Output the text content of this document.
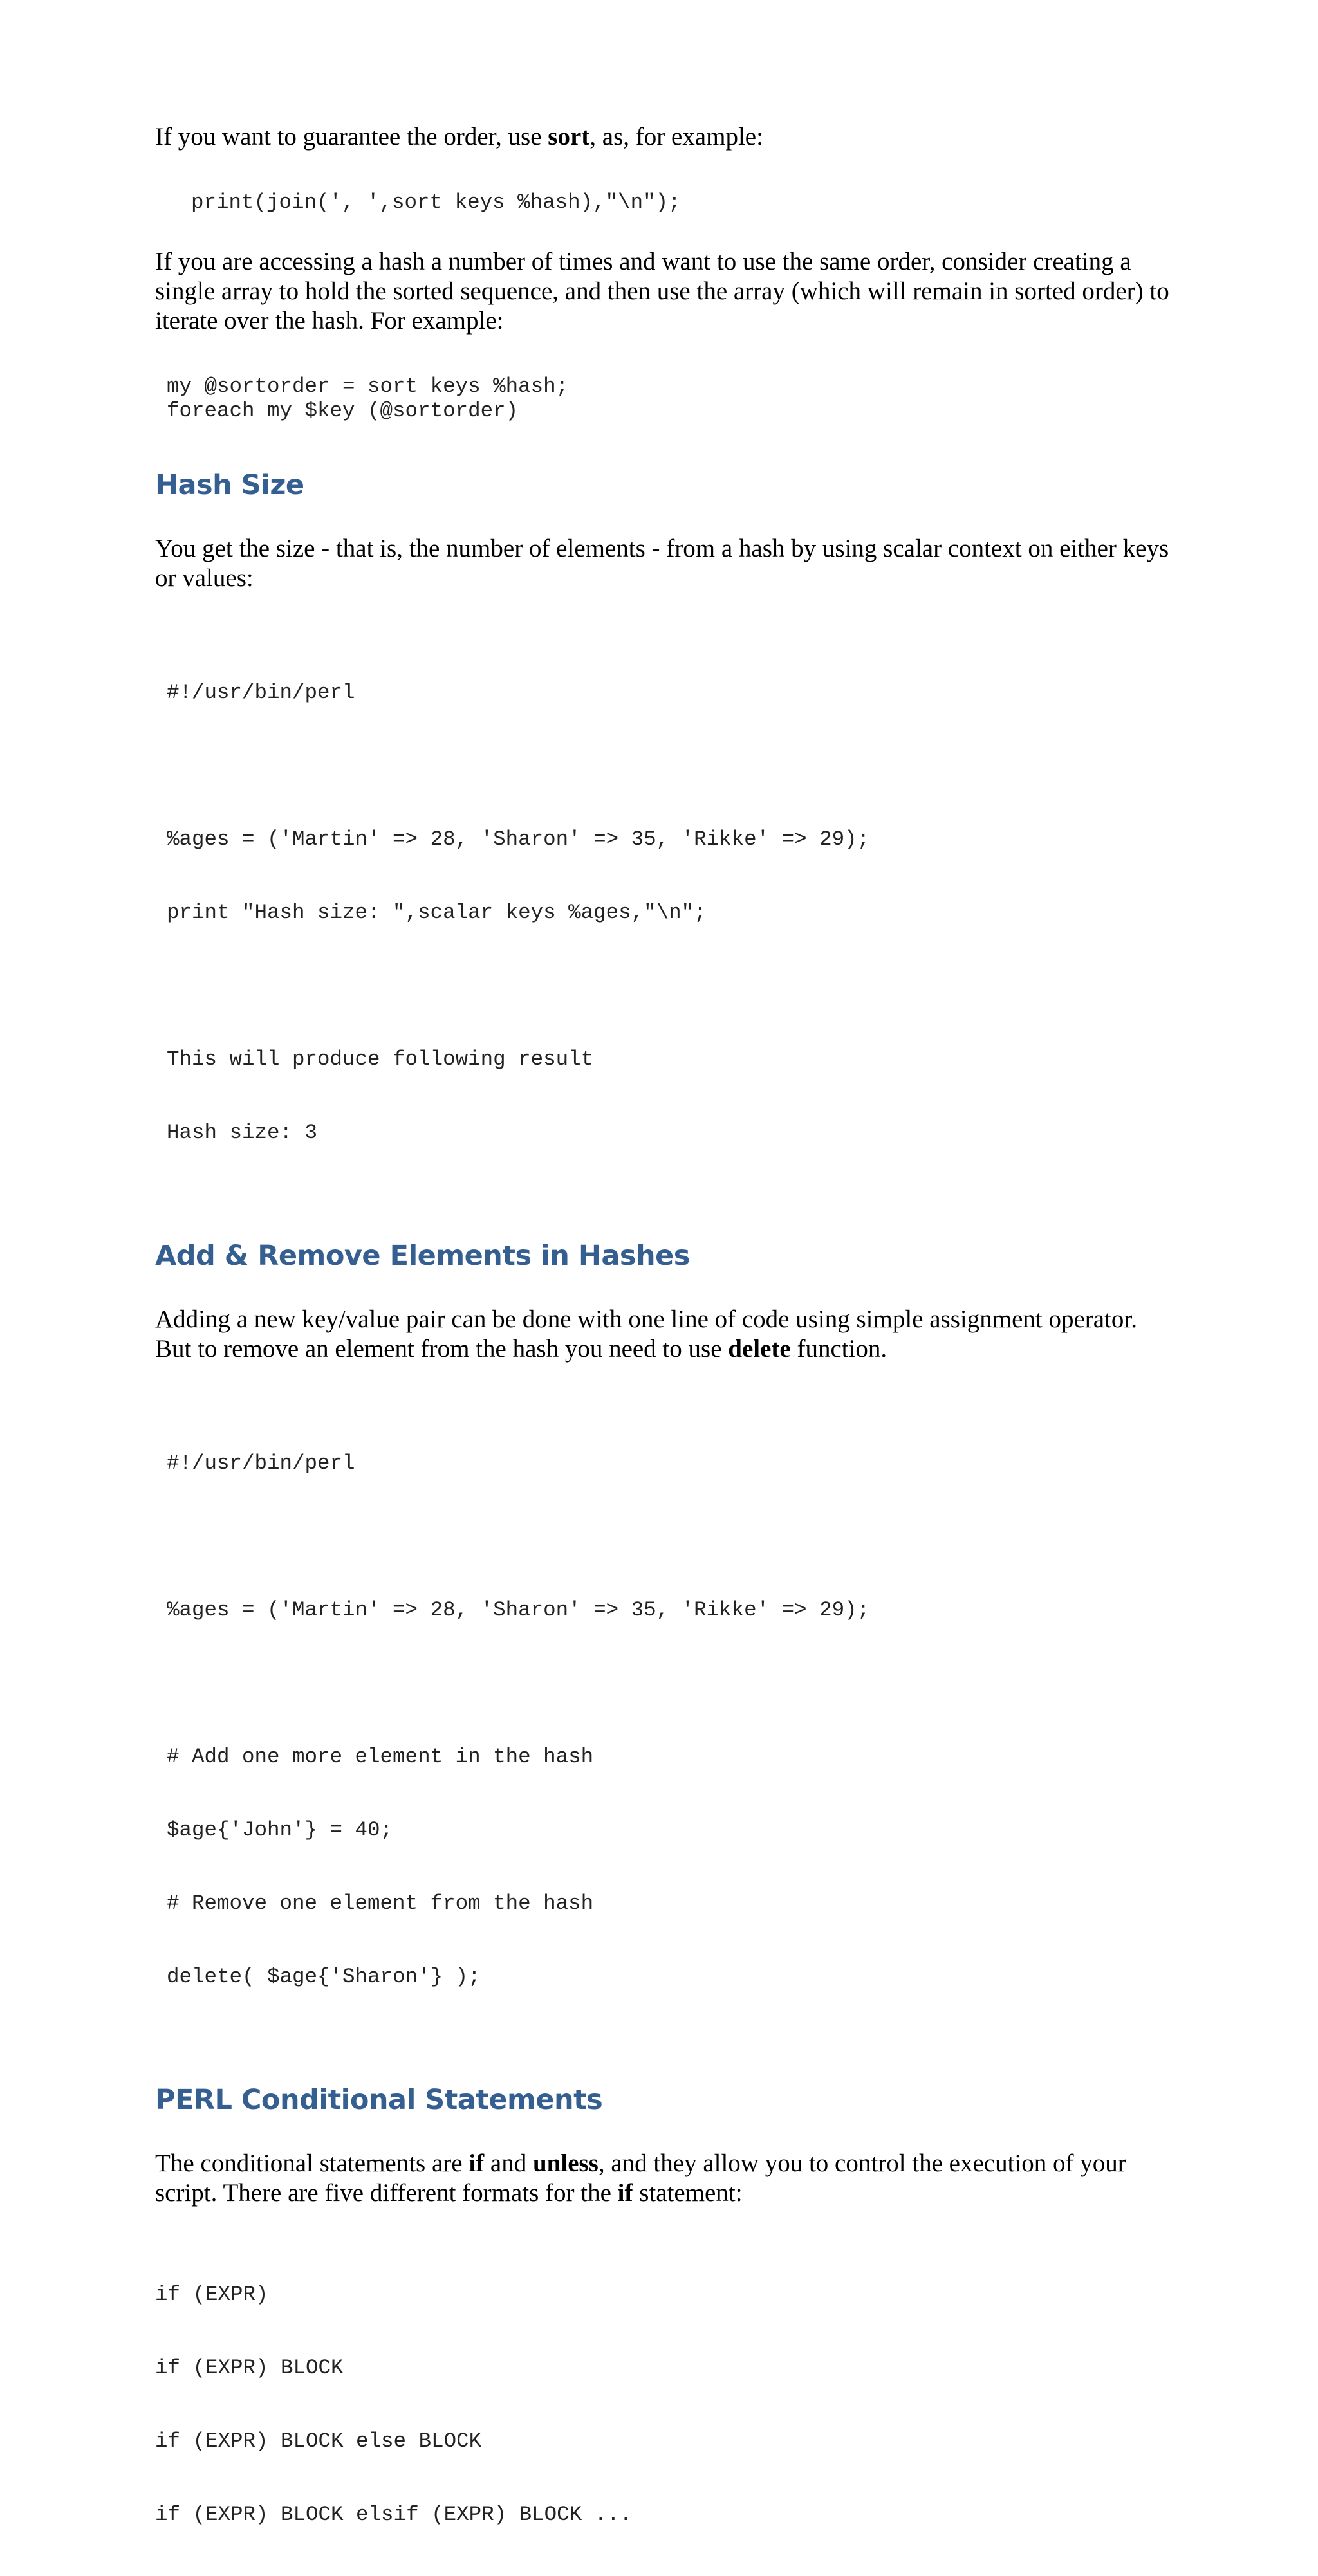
If you want to guarantee the order, use sort, as, for example:

print(join(', ',sort keys %hash),"\n");

If you are accessing a hash a number of times and want to use the same order, consider creating a single array to hold the sorted sequence, and then use the array (which will remain in sorted order) to iterate over the hash. For example:

my @sortorder = sort keys %hash;
foreach my $key (@sortorder)
Hash Size

You get the size - that is, the number of elements - from a hash by using scalar context on either keys or values:

#!/usr/bin/perl

%ages = ('Martin' => 28, 'Sharon' => 35, 'Rikke' => 29);

print "Hash size: ",scalar keys %ages,"\n";

This will produce following result

Hash size: 3

Add & Remove Elements in Hashes

Adding a new key/value pair can be done with one line of code using simple assignment operator. But to remove an element from the hash you need to use delete function.

#!/usr/bin/perl

%ages = ('Martin' => 28, 'Sharon' => 35, 'Rikke' => 29);

# Add one more element in the hash

$age{'John'} = 40;

# Remove one element from the hash

delete( $age{'Sharon'} );

PERL Conditional Statements

The conditional statements are if and unless, and they allow you to control the execution of your script. There are five different formats for the if statement:

if (EXPR)

if (EXPR) BLOCK

if (EXPR) BLOCK else BLOCK

if (EXPR) BLOCK elsif (EXPR) BLOCK ...
